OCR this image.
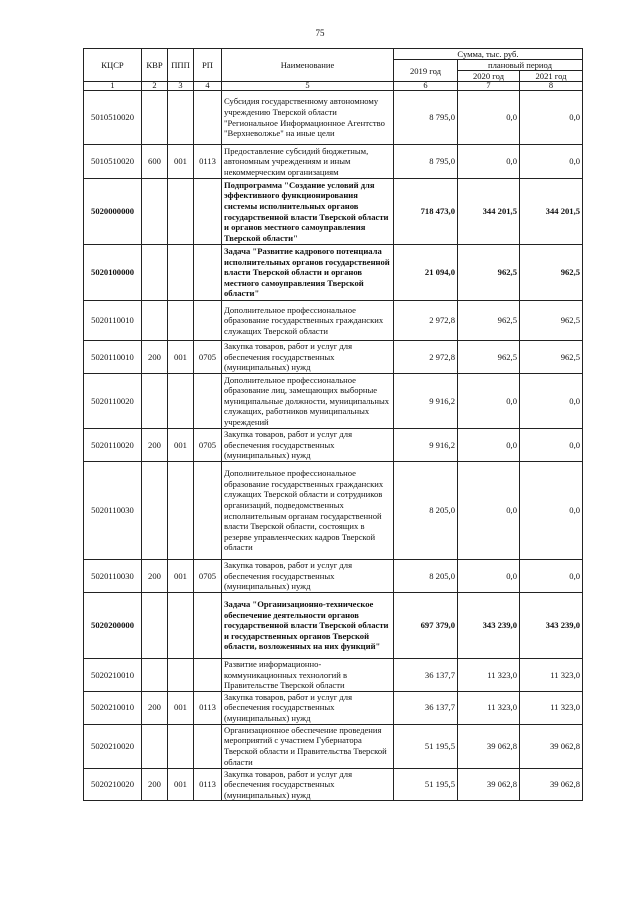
75
КЦСР	КВР	ППП	РП	Наименование	Сумма, тыс. руб.		
					2019 год	плановый период	
						2020 год	2021 год
1	2	3	4	5	6	7	8
5010510020				Субсидия государственному автономному учреждению Тверской области "Региональное Информационное Агентство "Верхневолжье" на иные цели	8 795,0	0,0	0,0
5010510020	600	001	0113	Предоставление субсидий бюджетным, автономным учреждениям и иным некоммерческим организациям	8 795,0	0,0	0,0
5020000000				Подпрограмма "Создание условий для эффективного функционирования системы исполнительных органов государственной власти Тверской области и органов местного самоуправления Тверской области"	718 473,0	344 201,5	344 201,5
5020100000				Задача "Развитие кадрового потенциала исполнительных органов государственной власти Тверской области и органов местного самоуправления Тверской области"	21 094,0	962,5	962,5
5020110010				Дополнительное профессиональное образование государственных гражданских служащих Тверской области	2 972,8	962,5	962,5
5020110010	200	001	0705	Закупка товаров, работ и услуг для обеспечения государственных (муниципальных) нужд	2 972,8	962,5	962,5
5020110020				Дополнительное профессиональное образование лиц, замещающих выборные муниципальные должности, муниципальных служащих, работников муниципальных учреждений	9 916,2	0,0	0,0
5020110020	200	001	0705	Закупка товаров, работ и услуг для обеспечения государственных (муниципальных) нужд	9 916,2	0,0	0,0
5020110030				Дополнительное профессиональное образование государственных гражданских служащих Тверской области и сотрудников организаций, подведомственных исполнительным органам государственной власти Тверской области, состоящих в резерве управленческих кадров Тверской области	8 205,0	0,0	0,0
5020110030	200	001	0705	Закупка товаров, работ и услуг для обеспечения государственных (муниципальных) нужд	8 205,0	0,0	0,0
5020200000				Задача "Организационно-техническое обеспечение деятельности органов государственной власти Тверской области и государственных органов Тверской области, возложенных на них функций"	697 379,0	343 239,0	343 239,0
5020210010				Развитие информационно-коммуникационных технологий в Правительстве Тверской области	36 137,7	11 323,0	11 323,0
5020210010	200	001	0113	Закупка товаров, работ и услуг для обеспечения государственных (муниципальных) нужд	36 137,7	11 323,0	11 323,0
5020210020				Организационное обеспечение проведения мероприятий с участием Губернатора Тверской области и Правительства Тверской области	51 195,5	39 062,8	39 062,8
5020210020	200	001	0113	Закупка товаров, работ и услуг для обеспечения государственных (муниципальных) нужд	51 195,5	39 062,8	39 062,8
